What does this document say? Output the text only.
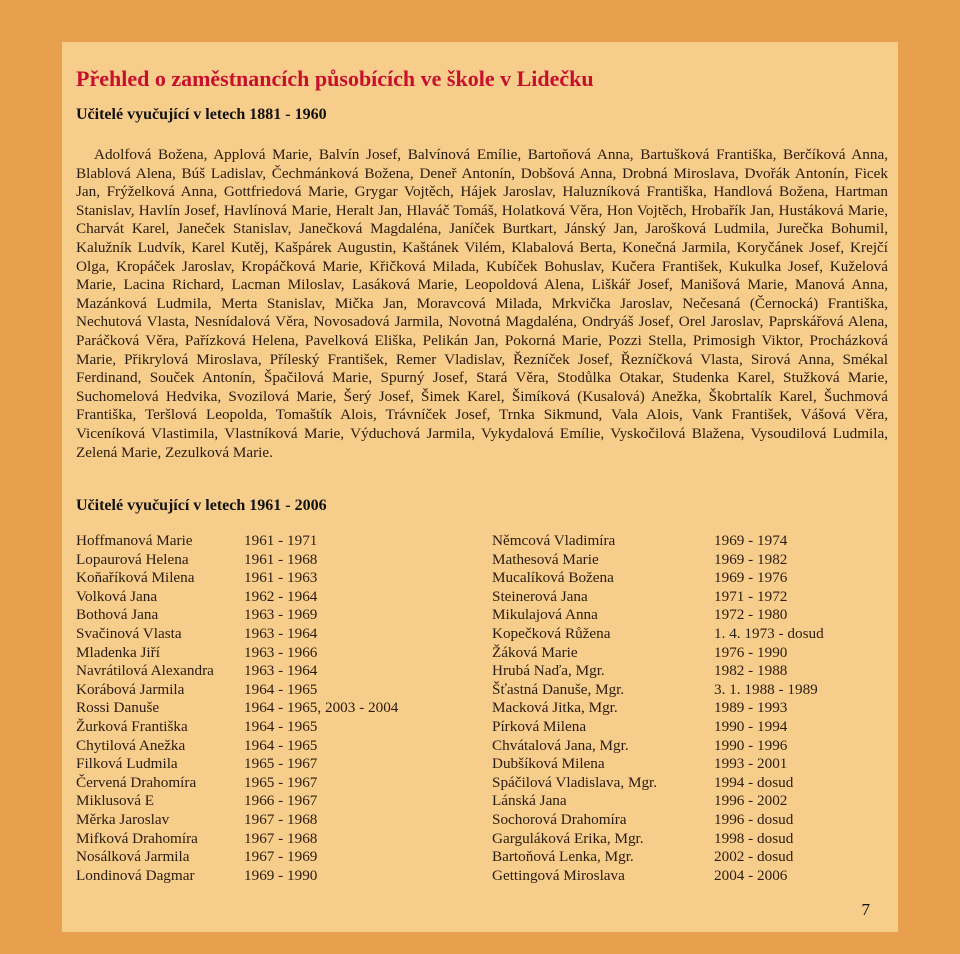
Přehled o zaměstnancích působících ve škole v Lidečku
Učitelé vyučující v letech 1881 - 1960

Adolfová Božena, Applová Marie, Balvín Josef, Balvínová Emílie, Bartoňová Anna, Bartušková Františka, Berčíková Anna, Blablová Alena, Búš Ladislav, Čechmánková Božena, Deneř Antonín, Dobšová Anna, Drobná Miroslava, Dvořák Antonín, Ficek Jan, Frýželková Anna, Gottfriedová Marie, Grygar Vojtěch, Hájek Jaroslav, Haluzníková Františka, Handlová Božena, Hartman Stanislav, Havlín Josef, Havlínová Marie, Heralt Jan, Hlaváč Tomáš, Holatková Věra, Hon Vojtěch, Hrobařík Jan, Hustáková Marie, Charvát Karel, Janeček Stanislav, Janečková Magdaléna, Janíček Burtkart, Jánský Jan, Jarošková Ludmila, Jurečka Bohumil, Kalužník Ludvík, Karel Kutěj, Kašpárek Augustin, Kaštánek Vilém, Klabalová Berta, Konečná Jarmila, Koryčánek Josef, Krejčí Olga, Kropáček Jaroslav, Kropáčková Marie, Křičková Milada, Kubíček Bohuslav, Kučera František, Kukulka Josef, Kuželová Marie, Lacina Richard, Lacman Miloslav, Lasáková Marie, Leopoldová Alena, Liškář Josef, Manišová Marie, Manová Anna, Mazánková Ludmila, Merta Stanislav, Mička Jan, Moravcová Milada, Mrkvička Jaroslav, Nečesaná (Černocká) Františka, Nechutová Vlasta, Nesnídalová Věra, Novosadová Jarmila, Novotná Magdaléna, Ondryáš Josef, Orel Jaroslav, Paprskářová Alena, Paráčková Věra, Pařízková Helena, Pavelková Eliška, Pelikán Jan, Pokorná Marie, Pozzi Stella, Primosigh Viktor, Procházková Marie, Přikrylová Miroslava, Příleský František, Remer Vladislav, Řezníček Josef, Řezníčková Vlasta, Sirová Anna, Smékal Ferdinand, Souček Antonín, Špačilová Marie, Spurný Josef, Stará Věra, Stodůlka Otakar, Studenka Karel, Stužková Marie, Suchomelová Hedvika, Svozilová Marie, Šerý Josef, Šimek Karel, Šimíková (Kusalová) Anežka, Škobrtalík Karel, Šuchmová Františka, Teršlová Leopolda, Tomaštík Alois, Trávníček Josef, Trnka Sikmund, Vala Alois, Vank František, Vášová Věra, Viceníková Vlastimila, Vlastníková Marie, Výduchová Jarmila, Vykydalová Emílie, Vyskočilová Blažena, Vysoudilová Ludmila, Zelená Marie, Zezulková Marie.

Učitelé vyučující v letech 1961 - 2006
Hoffmanová Marie	1961 - 1971
Lopaurová Helena	1961 - 1968
Koňaříková Milena	1961 - 1963
Volková Jana	1962 - 1964
Bothová Jana	1963 - 1969
Svačinová Vlasta	1963 - 1964
Mladenka Jiří	1963 - 1966
Navrátilová Alexandra	1963 - 1964
Korábová Jarmila	1964 - 1965
Rossi Danuše	1964 - 1965, 2003 - 2004
Žurková Františka	1964 - 1965
Chytilová Anežka	1964 - 1965
Filková Ludmila	1965 - 1967
Červená Drahomíra	1965 - 1967
Miklusová E	1966 - 1967
Měrka Jaroslav	1967 - 1968
Mifková Drahomíra	1967 - 1968
Nosálková Jarmila	1967 - 1969
Londinová Dagmar	1969 - 1990
Němcová Vladimíra	1969 - 1974
Mathesová Marie	1969 - 1982
Mucalíková Božena	1969 - 1976
Steinerová Jana	1971 - 1972
Mikulajová Anna	1972 - 1980
Kopečková Růžena	1. 4. 1973 - dosud
Žáková Marie	1976 - 1990
Hrubá Naďa, Mgr.	1982 - 1988
Šťastná Danuše, Mgr.	3. 1. 1988 - 1989
Macková Jitka, Mgr.	1989 - 1993
Pírková Milena	1990 - 1994
Chvátalová Jana, Mgr.	1990 - 1996
Dubšíková Milena	1993 - 2001
Spáčilová Vladislava, Mgr.	1994 - dosud
Lánská Jana	1996 - 2002
Sochorová Drahomíra	1996 - dosud
Garguláková Erika, Mgr.	1998 - dosud
Bartoňová Lenka, Mgr.	2002 - dosud
Gettingová Miroslava	2004 - 2006
7
